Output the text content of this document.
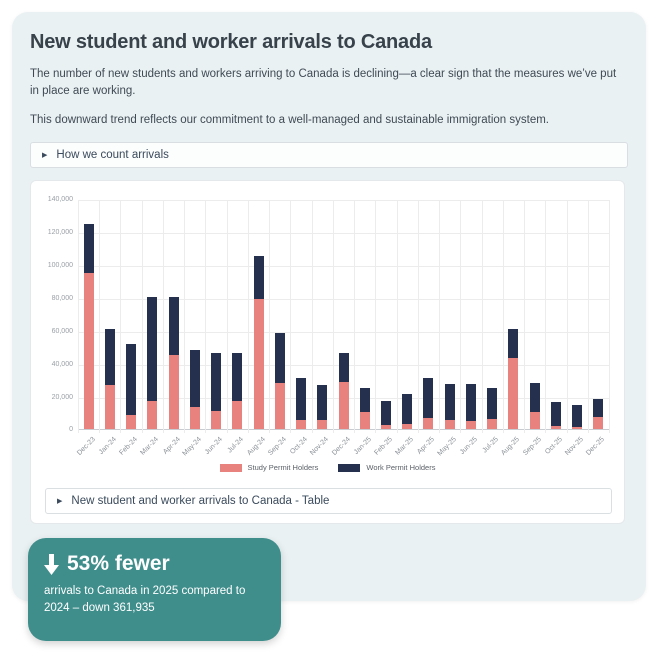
New student and worker arrivals to Canada

The number of new students and workers arriving to Canada is declining—a clear sign that the measures we’ve put in place are working.

This downward trend reflects our commitment to a well-managed and sustainable immigration system.

▶ How we count arrivals
Study Permit Holders	Work Permit Holders
▶ New student and worker arrivals to Canada - Table
0
20,000
40,000
60,000
80,000
100,000
120,000
140,000
Dec-23 Jan-24 Feb-24 Mar-24 Apr-24 May-24 Jun-24 Jul-24 Aug-24 Sep-24 Oct-24 Nov-24 Dec-24 Jan-25 Feb-25 Mar-25 Apr-25 May-25 Jun-25 Jul-25 Aug-25 Sep-25 Oct-25 Nov-25 Dec-25
53% fewer
arrivals to Canada in 2025 compared to 2024 – down 361,935
